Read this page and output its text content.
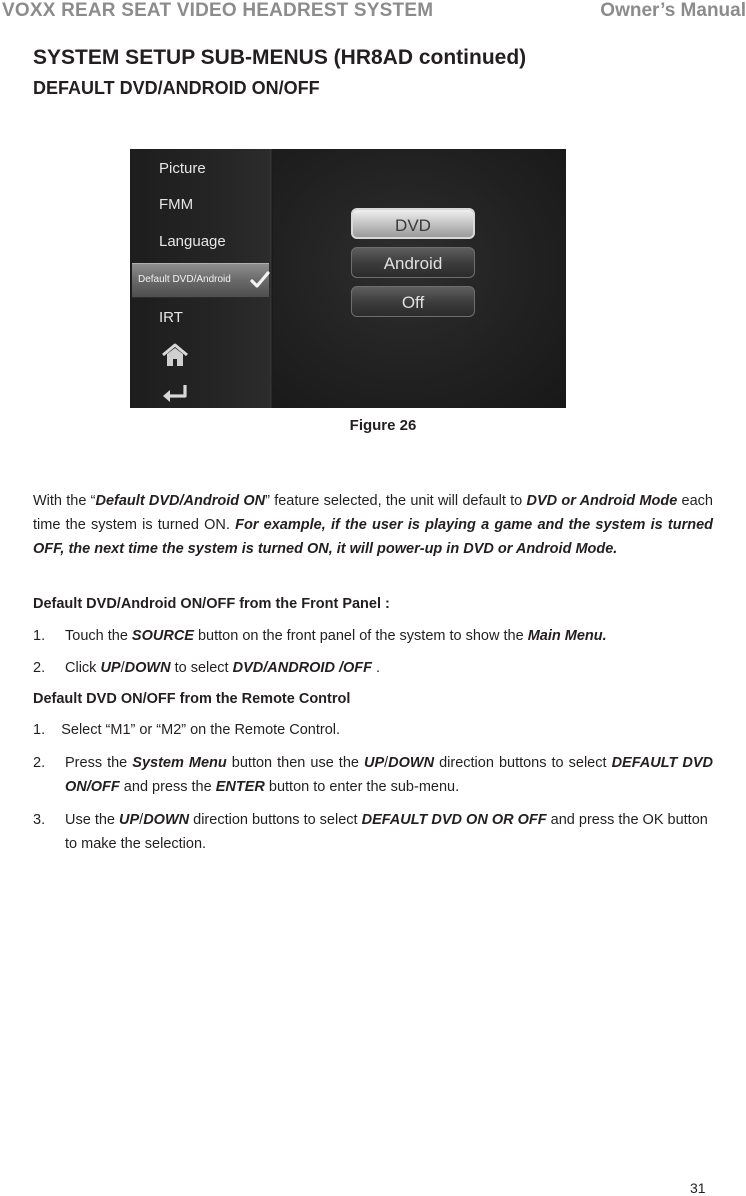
VOXX REAR SEAT VIDEO HEADREST SYSTEM	Owner’s Manual
SYSTEM SETUP SUB-MENUS (HR8AD continued)
DEFAULT DVD/ANDROID ON/OFF
Picture
FMM
Language
Default DVD/Android
IRT
DVD
Android
Off
Figure 26
With the “Default DVD/Android ON” feature selected, the unit will default to DVD or Android Mode each time the system is turned ON. For example, if the user is playing a game and the system is turned OFF, the next time the system is turned ON, it will power-up in DVD or Android Mode.
Default DVD/Android ON/OFF from the Front Panel :
1. Touch the SOURCE button on the front panel of the system to show the Main Menu.
2. Click UP/DOWN to select DVD/ANDROID /OFF .
Default DVD ON/OFF from the Remote Control
1.    Select “M1” or “M2” on the Remote Control.
2. Press the System Menu button then use the UP/DOWN direction buttons to select DEFAULT DVD ON/OFF and press the ENTER button to enter the sub-menu.
3. Use the UP/DOWN direction buttons to select DEFAULT DVD ON OR OFF and press the OK button to make the selection.
31
